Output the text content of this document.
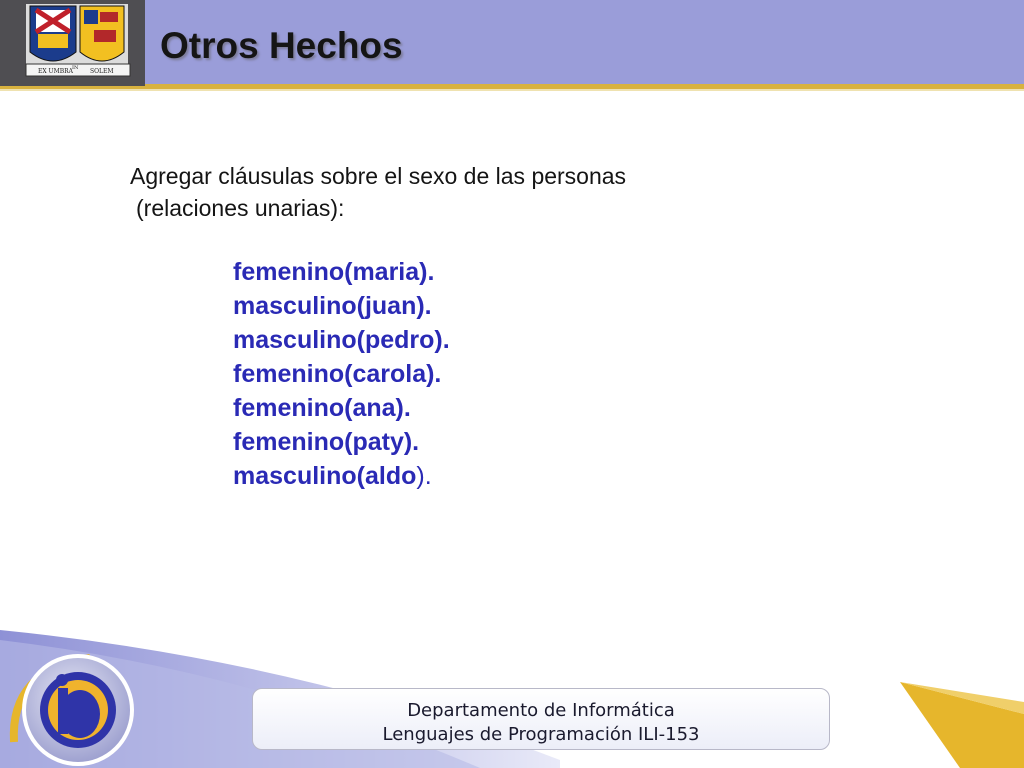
EX UMBRA
IN SOLEM
Otros Hechos
Agregar cláusulas sobre el sexo de las personas
(relaciones unarias):
femenino(maria).
masculino(juan).
masculino(pedro).
femenino(carola).
femenino(ana).
femenino(paty).
masculino(aldo).
Departamento de Informática
Lenguajes de Programación ILI-153
